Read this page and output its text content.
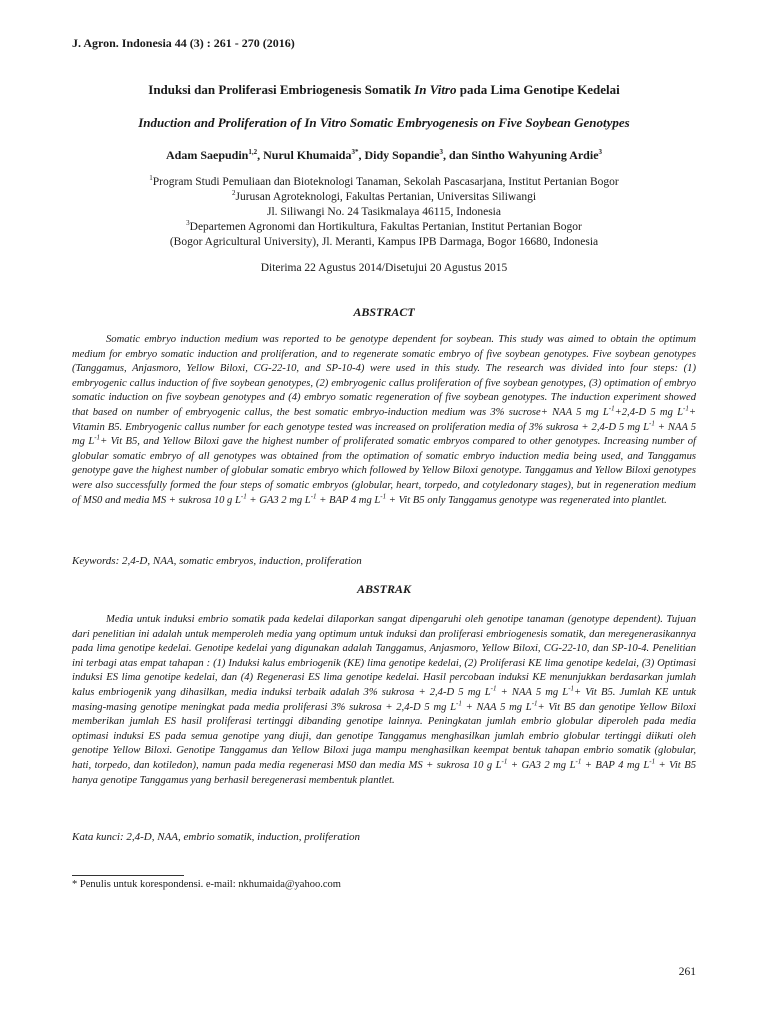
J. Agron. Indonesia 44 (3) : 261 - 270 (2016)
Induksi dan Proliferasi Embriogenesis Somatik In Vitro pada Lima Genotipe Kedelai
Induction and Proliferation of In Vitro Somatic Embryogenesis on Five Soybean Genotypes
Adam Saepudin$^{1,2}$, Nurul Khumaida$^{3*}$, Didy Sopandie$^3$, dan Sintho Wahyuning Ardie$^3$
$^1$Program Studi Pemuliaan dan Bioteknologi Tanaman, Sekolah Pascasarjana, Institut Pertanian Bogor
$^2$Jurusan Agroteknologi, Fakultas Pertanian, Universitas Siliwangi
Jl. Siliwangi No. 24 Tasikmalaya 46115, Indonesia
$^3$Departemen Agronomi dan Hortikultura, Fakultas Pertanian, Institut Pertanian Bogor
(Bogor Agricultural University), Jl. Meranti, Kampus IPB Darmaga, Bogor 16680, Indonesia
Diterima 22 Agustus 2014/Disetujui 20 Agustus 2015
ABSTRACT
Somatic embryo induction medium was reported to be genotype dependent for soybean. This study was aimed to obtain the optimum medium for embryo somatic induction and proliferation, and to regenerate somatic embryo of five soybean genotypes. Five soybean genotypes (Tanggamus, Anjasmoro, Yellow Biloxi, CG-22-10, and SP-10-4) were used in this study. The research was divided into four steps: (1) embryogenic callus induction of five soybean genotypes, (2) embryogenic callus proliferation of five soybean genotypes, (3) optimation of embryo somatic induction on five soybean genotypes and (4) embryo somatic regeneration of five soybean genotypes. The induction experiment showed that based on number of embryogenic callus, the best somatic embryo-induction medium was 3% sucrose+ NAA 5 mg $L^{-1}+2,4-D$ 5 mg $L^{-1}+$ Vitamin B5. Embryogenic callus number for each genotype tested was increased on proliferation media of 3% sukrosa + 2,4-D 5 mg $L^{-1}$ + NAA 5 mg $L^{-1}+$ Vit B5, and Yellow Biloxi gave the highest number of proliferated somatic embryos compared to other genotypes. Increasing number of globular somatic embryo of all genotypes was obtained from the optimation of somatic embryo induction media being used, and Tanggamus genotype gave the highest number of globular somatic embryo which followed by Yellow Biloxi genotype. Tanggamus and Yellow Biloxi genotypes were also successfully formed the four steps of somatic embryos (globular, heart, torpedo, and cotyledonary stages), but in regeneration medium of MS0 and media MS + sukrosa 10 g $L^{-1} + GA3$ 2 mg $L^{-1}$ + BAP 4 mg $L^{-1}$ + Vit B5 only Tanggamus genotype was regenerated into plantlet.
Keywords: 2,4-D, NAA, somatic embryos, induction, proliferation
ABSTRAK
Media untuk induksi embrio somatik pada kedelai dilaporkan sangat dipengaruhi oleh genotipe tanaman (genotype dependent). Tujuan dari penelitian ini adalah untuk memperoleh media yang optimum untuk induksi dan proliferasi embriogenesis somatik, dan meregenerasikannya pada lima genotipe kedelai. Genotipe kedelai yang digunakan adalah Tanggamus, Anjasmoro, Yellow Biloxi, CG-22-10, dan SP-10-4. Penelitian ini terbagi atas empat tahapan : (1) Induksi kalus embriogenik (KE) lima genotipe kedelai, (2) Proliferasi KE lima genotipe kedelai, (3) Optimasi induksi ES lima genotipe kedelai, dan (4) Regenerasi ES lima genotipe kedelai. Hasil percobaan induksi KE menunjukkan berdasarkan jumlah kalus embriogenik yang dihasilkan, media induksi terbaik adalah 3% sukrosa + 2,4-D 5 mg $L^{-1}$ + NAA 5 mg $L^{-1}+$ Vit B5. Jumlah KE untuk masing-masing genotipe meningkat pada media proliferasi 3% sukrosa + 2,4-D 5 mg $L^{-1}$ + NAA 5 mg $L^{-1}+$ Vit B5 dan genotipe Yellow Biloxi memberikan jumlah ES hasil proliferasi tertinggi dibanding genotipe lainnya. Peningkatan jumlah embrio globular diperoleh pada media optimasi induksi ES pada semua genotipe yang diuji, dan genotipe Tanggamus menghasilkan jumlah embrio globular tertinggi diikuti oleh genotipe Yellow Biloxi. Genotipe Tanggamus dan Yellow Biloxi juga mampu menghasilkan keempat bentuk tahapan embrio somatik (globular, hati, torpedo, dan kotiledon), namun pada media regenerasi MS0 dan media MS + sukrosa 10 g $L^{-1} + GA3$ 2 mg $L^{-1}$ + BAP 4 mg $L^{-1}$ + Vit B5 hanya genotipe Tanggamus yang berhasil beregenerasi membentuk plantlet.
Kata kunci: 2,4-D, NAA, embrio somatik, induction, proliferation
* Penulis untuk korespondensi. e-mail: nkhumaida@yahoo.com
261
